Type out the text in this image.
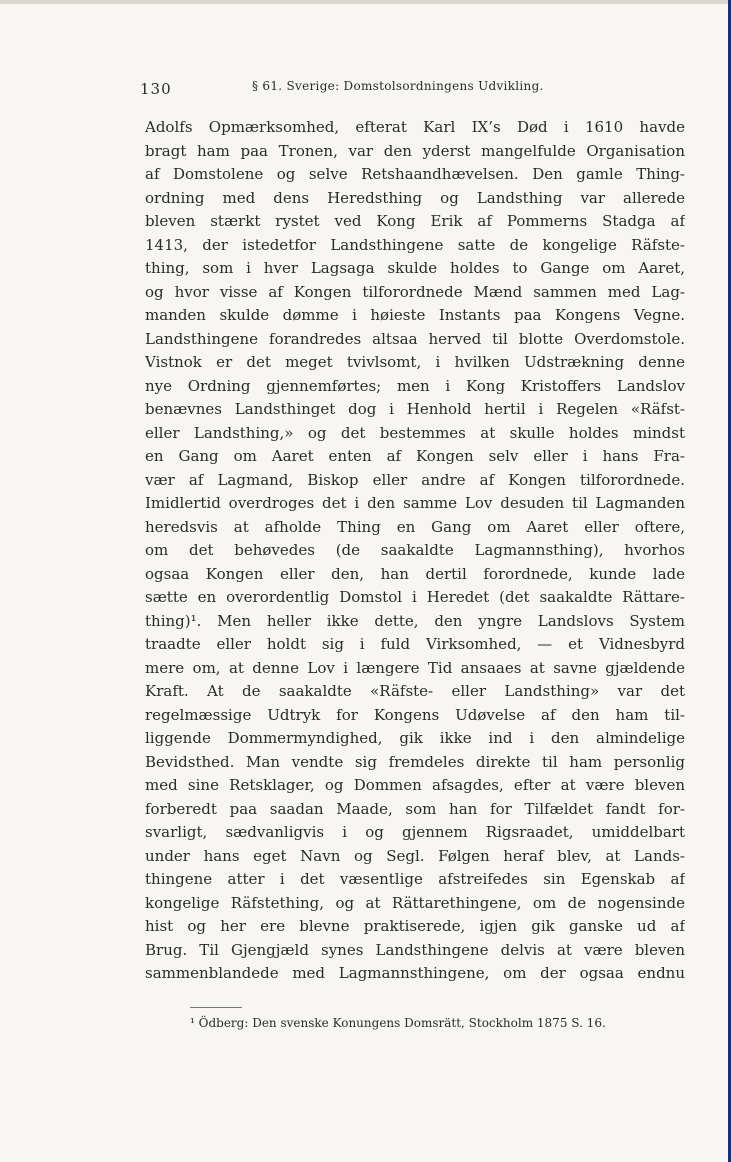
130	§ 61. Sverige: Domstolsordningens Udvikling.
Adolfs Opmærksomhed, efterat Karl IX’s Død i 1610 havde
bragt ham paa Tronen, var den yderst mangelfulde Organisation
af Domstolene og selve Retshaandhævelsen. Den gamle Thing-
ordning med dens Heredsthing og Landsthing var allerede
bleven stærkt rystet ved Kong Erik af Pommerns Stadga af
1413, der istedetfor Landsthingene satte de kongelige Räfste-
thing, som i hver Lagsaga skulde holdes to Gange om Aaret,
og hvor visse af Kongen tilforordnede Mænd sammen med Lag-
manden skulde dømme i høieste Instants paa Kongens Vegne.
Landsthingene forandredes altsaa herved til blotte Overdomstole.
Vistnok er det meget tvivlsomt, i hvilken Udstrækning denne
nye Ordning gjennemførtes; men i Kong Kristoffers Landslov
benævnes Landsthinget dog i Henhold hertil i Regelen «Räfst-
eller Landsthing,» og det bestemmes at skulle holdes mindst
en Gang om Aaret enten af Kongen selv eller i hans Fra-
vær af Lagmand, Biskop eller andre af Kongen tilforordnede.
Imidlertid overdroges det i den samme Lov desuden til Lagmanden
heredsvis at afholde Thing en Gang om Aaret eller oftere,
om det behøvedes (de saakaldte Lagmannsthing), hvorhos
ogsaa Kongen eller den, han dertil forordnede, kunde lade
sætte en overordentlig Domstol i Heredet (det saakaldte Rättare-
thing)¹. Men heller ikke dette, den yngre Landslovs System
traadte eller holdt sig i fuld Virksomhed, — et Vidnesbyrd
mere om, at denne Lov i længere Tid ansaaes at savne gjældende
Kraft. At de saakaldte «Räfste- eller Landsthing» var det
regelmæssige Udtryk for Kongens Udøvelse af den ham til-
liggende Dommermyndighed, gik ikke ind i den almindelige
Bevidsthed. Man vendte sig fremdeles direkte til ham personlig
med sine Retsklager, og Dommen afsagdes, efter at være bleven
forberedt paa saadan Maade, som han for Tilfældet fandt for-
svarligt, sædvanligvis i og gjennem Rigsraadet, umiddelbart
under hans eget Navn og Segl. Følgen heraf blev, at Lands-
thingene atter i det væsentlige afstreifedes sin Egenskab af
kongelige Räfstething, og at Rättarethingene, om de nogensinde
hist og her ere blevne praktiserede, igjen gik ganske ud af
Brug. Til Gjengjæld synes Landsthingene delvis at være bleven
sammenblandede med Lagmannsthingene, om der ogsaa endnu
¹ Ödberg: Den svenske Konungens Domsrätt, Stockholm 1875 S. 16.
